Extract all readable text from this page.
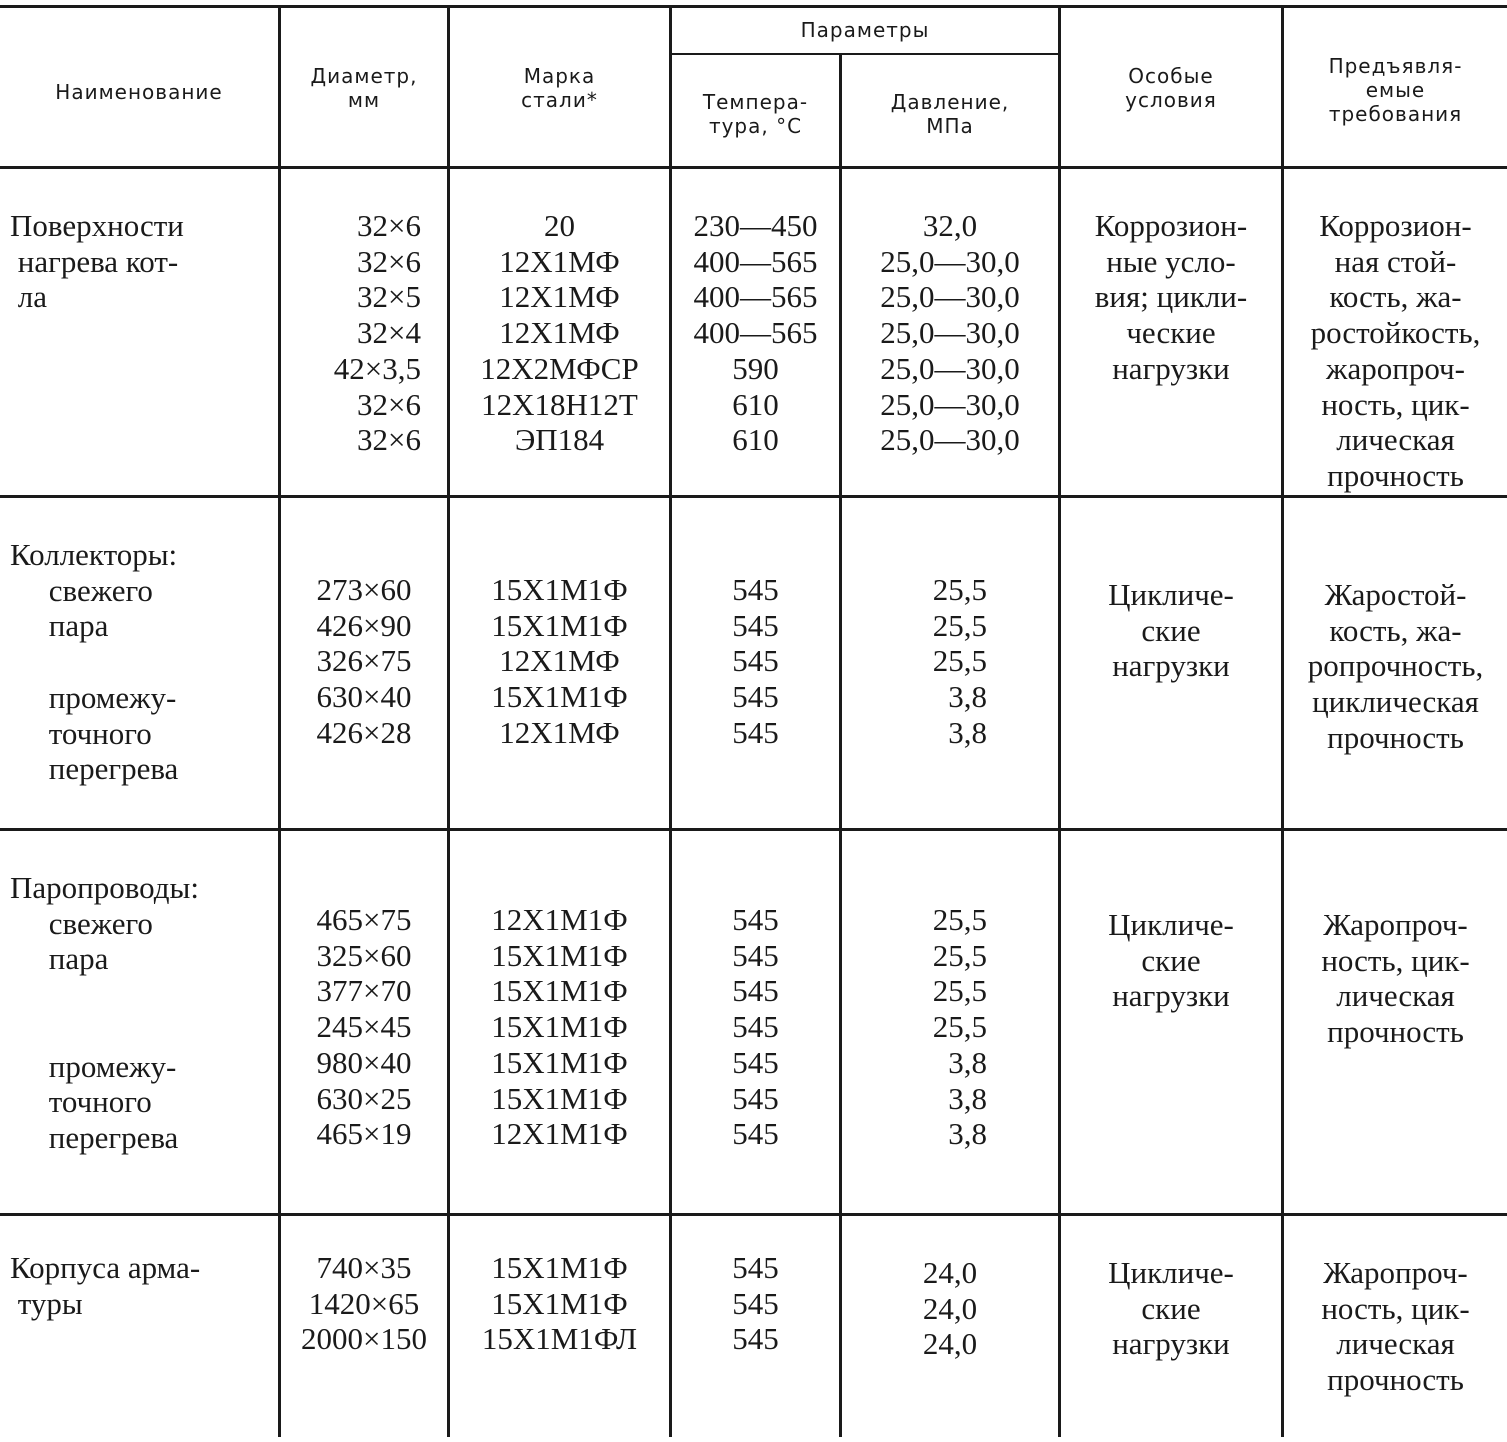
Наименование
Диаметр,
мм
Марка
стали*
Параметры
Темпера-
тура, °С
Давление,
МПа
Особые
условия
Предъявля-
емые
требования
Поверхности
нагрева кот-
ла
32×6
32×6
32×5
32×4
42×3,5
32×6
32×6
20
12Х1МФ
12Х1МФ
12Х1МФ
12Х2МФСР
12Х18Н12Т
ЭП184
230—450
400—565
400—565
400—565
590
610
610
32,0
25,0—30,0
25,0—30,0
25,0—30,0
25,0—30,0
25,0—30,0
25,0—30,0
Коррозион-
ные усло-
вия; цикли-
ческие
нагрузки
Коррозион-
ная стой-
кость, жа-
ростойкость,
жаропроч-
ность, цик-
лическая
прочность
Коллекторы:
свежего
пара

промежу-
точного
перегрева
273×60
426×90
326×75
630×40
426×28
15Х1М1Ф
15Х1М1Ф
12Х1МФ
15Х1М1Ф
12Х1МФ
545
545
545
545
545
25,5
25,5
25,5
3,8
3,8
Цикличе-
ские
нагрузки
Жаростой-
кость, жа-
ропрочность,
циклическая
прочность
Паропроводы:
свежего
пара

промежу-
точного
перегрева
465×75
325×60
377×70
245×45
980×40
630×25
465×19
12Х1М1Ф
15Х1М1Ф
15Х1М1Ф
15Х1М1Ф
15Х1М1Ф
15Х1М1Ф
12Х1М1Ф
545
545
545
545
545
545
545
25,5
25,5
25,5
25,5
3,8
3,8
3,8
Цикличе-
ские
нагрузки
Жаропроч-
ность, цик-
лическая
прочность
Корпуса арма-
туры
740×35
1420×65
2000×150
15Х1М1Ф
15Х1М1Ф
15Х1М1ФЛ
545
545
545
24,0
24,0
24,0
Цикличе-
ские
нагрузки
Жаропроч-
ность, цик-
лическая
прочность
